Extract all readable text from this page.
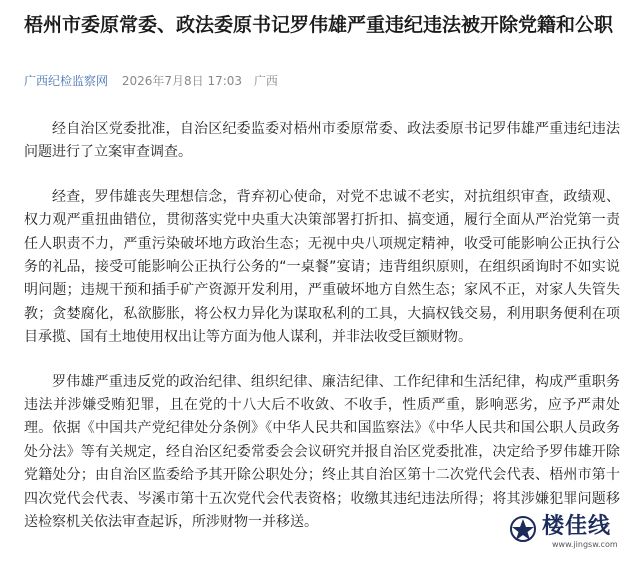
梧州市委原常委、政法委原书记罗伟雄严重违纪违法被开除党籍和公职
广西纪检监察网 2026年7月8日 17:03 广西

经自治区党委批准，自治区纪委监委对梧州市委原常委、政法委原书记罗伟雄严重违纪违法问题进行了立案审查调查。

经查，罗伟雄丧失理想信念，背弃初心使命，对党不忠诚不老实，对抗组织审查，政绩观、权力观严重扭曲错位，贯彻落实党中央重大决策部署打折扣、搞变通，履行全面从严治党第一责任人职责不力，严重污染破坏地方政治生态；无视中央八项规定精神，收受可能影响公正执行公务的礼品，接受可能影响公正执行公务的“一桌餐”宴请；违背组织原则，在组织函询时不如实说明问题；违规干预和插手矿产资源开发利用，严重破坏地方自然生态；家风不正，对家人失管失教；贪婪腐化，私欲膨胀，将公权力异化为谋取私利的工具，大搞权钱交易，利用职务便利在项目承揽、国有土地使用权出让等方面为他人谋利，并非法收受巨额财物。

罗伟雄严重违反党的政治纪律、组织纪律、廉洁纪律、工作纪律和生活纪律，构成严重职务违法并涉嫌受贿犯罪，且在党的十八大后不收敛、不收手，性质严重，影响恶劣，应予严肃处理。依据《中国共产党纪律处分条例》《中华人民共和国监察法》《中华人民共和国公职人员政务处分法》等有关规定，经自治区纪委常委会会议研究并报自治区党委批准，决定给予罗伟雄开除党籍处分；由自治区监委给予其开除公职处分；终止其自治区第十二次党代会代表、梧州市第十四次党代会代表、岑溪市第十五次党代会代表资格；收缴其违纪违法所得；将其涉嫌犯罪问题移送检察机关依法审查起诉，所涉财物一并移送。	楼佳线
www.jingsw.com
